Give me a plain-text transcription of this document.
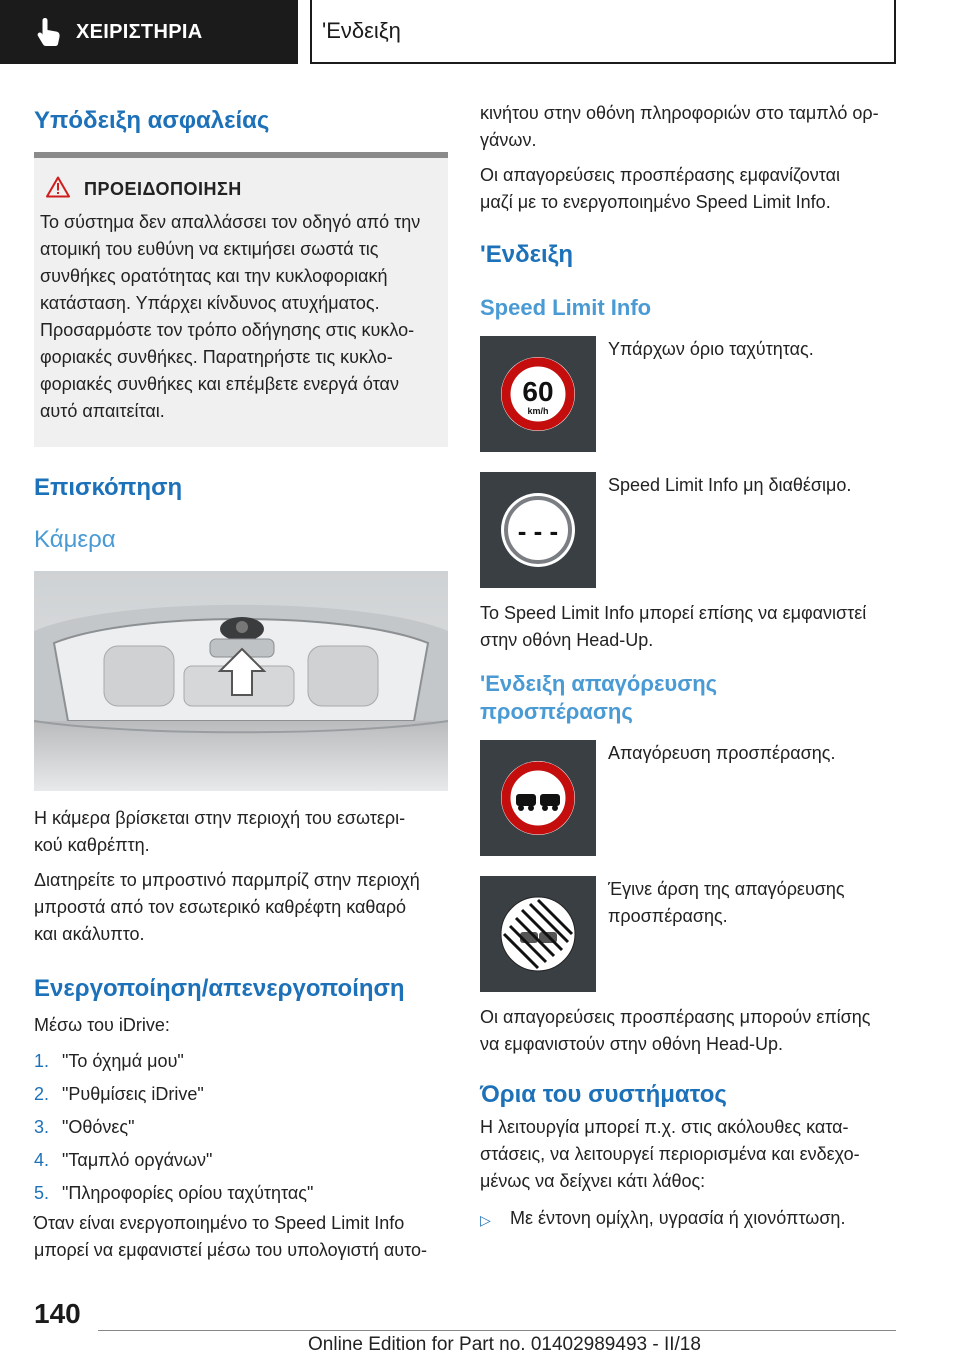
ΧΕΙΡΙΣΤΗΡΙΑ	'Ενδειξη
Υπόδειξη ασφαλείας
ΠΡΟΕΙΔΟΠΟΙΗΣΗ
Το σύστημα δεν απαλλάσσει τον οδηγό από την
ατομική του ευθύνη να εκτιμήσει σωστά τις
συνθήκες ορατότητας και την κυκλοφοριακή
κατάσταση. Υπάρχει κίνδυνος ατυχήματος.
Προσαρμόστε τον τρόπο οδήγησης στις κυκλο-
φοριακές συνθήκες. Παρατηρήστε τις κυκλο-
φοριακές συνθήκες και επέμβετε ενεργά όταν
αυτό απαιτείται.
Επισκόπηση
Κάμερα
Η κάμερα βρίσκεται στην περιοχή του εσωτερι-
κού καθρέπτη.
Διατηρείτε το μπροστινό παρμπρίζ στην περιοχή
μπροστά από τον εσωτερικό καθρέφτη καθαρό
και ακάλυπτο.
Ενεργοποίηση/απενεργοποίηση
Μέσω του iDrive:
1. "Το όχημά μου"
2. "Ρυθμίσεις iDrive"
3. "Οθόνες"
4. "Ταμπλό οργάνων"
5. "Πληροφορίες ορίου ταχύτητας"
Όταν είναι ενεργοποιημένο το Speed Limit Info
μπορεί να εμφανιστεί μέσω του υπολογιστή αυτο-
κινήτου στην οθόνη πληροφοριών στο ταμπλό ορ-
γάνων.
Οι απαγορεύσεις προσπέρασης εμφανίζονται
μαζί με το ενεργοποιημένο Speed Limit Info.
'Ενδειξη
Speed Limit Info
60
km/h
Υπάρχων όριο ταχύτητας.
- - -
Speed Limit Info μη διαθέσιμο.
Το Speed Limit Info μπορεί επίσης να εμφανιστεί
στην οθόνη Head-Up.
'Ενδειξη απαγόρευσης
προσπέρασης
Απαγόρευση προσπέρασης.
Έγινε άρση της απαγόρευσης
προσπέρασης.
Οι απαγορεύσεις προσπέρασης μπορούν επίσης
να εμφανιστούν στην οθόνη Head-Up.
Όρια του συστήματος
Η λειτουργία μπορεί π.χ. στις ακόλουθες κατα-
στάσεις, να λειτουργεί περιορισμένα και ενδεχο-
μένως να δείχνει κάτι λάθος:
▷	Με έντονη ομίχλη, υγρασία ή χιονόπτωση.
140
Online Edition for Part no. 01402989493 - II/18
